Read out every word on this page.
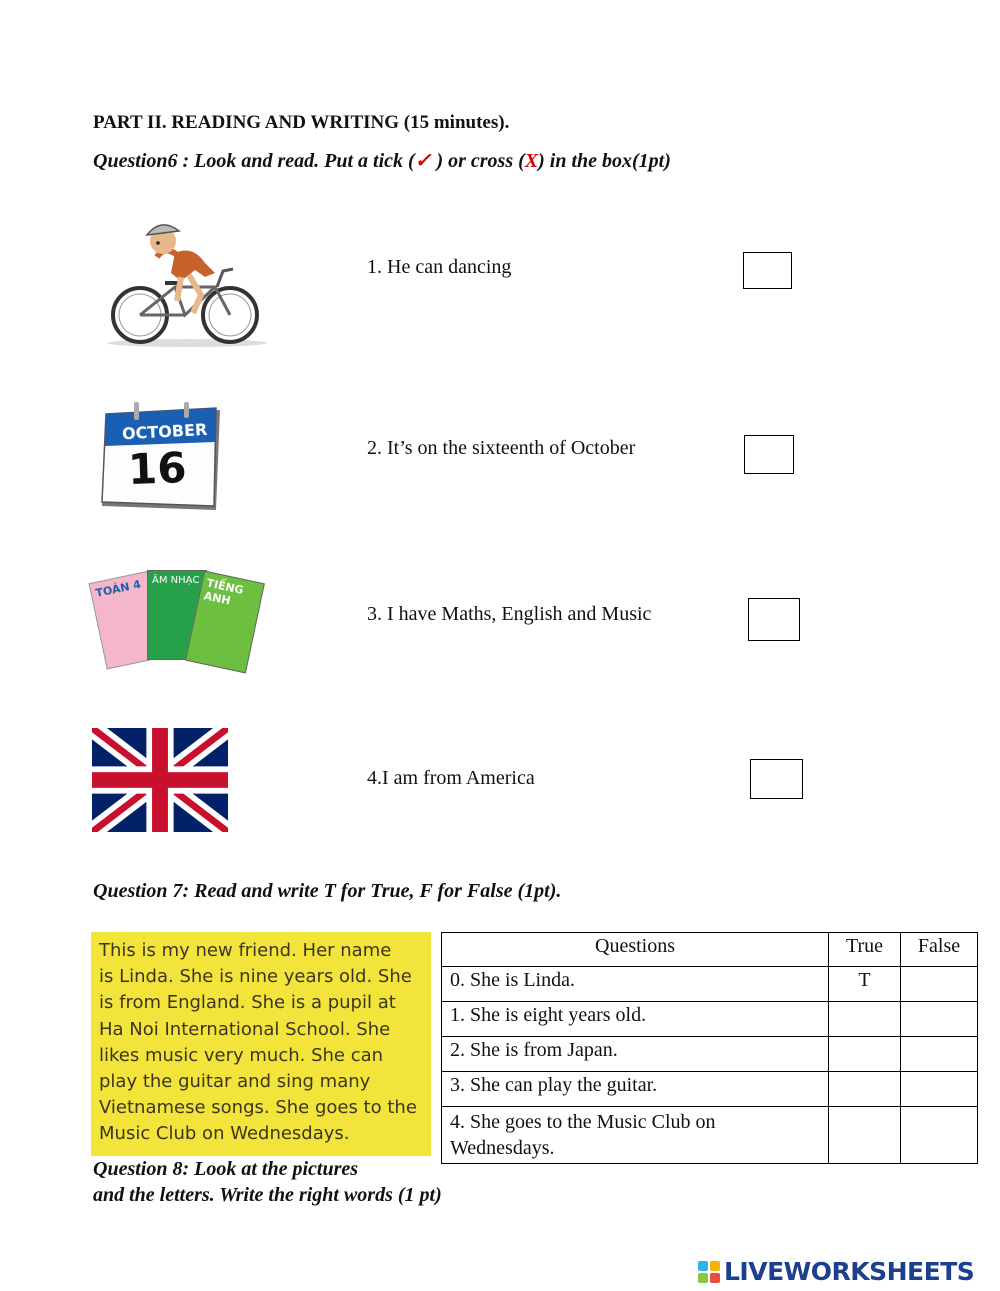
PART II. READING AND WRITING (15 minutes).
Question6 : Look and read. Put a tick (✓ ) or cross (X) in the box(1pt)
1. He can dancing
OCTOBER
16	2. It’s on the sixteenth of October
TOÁN 4	ÂM NHẠC TIẾNG ANH
3. I have Maths, English and Music
4.I am from America
Question 7: Read and write T for True, F for False (1pt).
This is my new friend. Her name
is Linda. She is nine years old. She
is from England. She is a pupil at
Ha Noi International School. She
likes music very much. She can
play the guitar and sing many
Vietnamese songs. She goes to the
Music Club on Wednesdays.
Questions	True	False
0. She is Linda.	T	
1. She is eight years old.		
2. She is from Japan.		
3. She can play the guitar.		
4. She goes to the Music Club on Wednesdays.		
Question 8: Look at the pictures
and the letters. Write the right words (1 pt)
LIVEWORKSHEETS
